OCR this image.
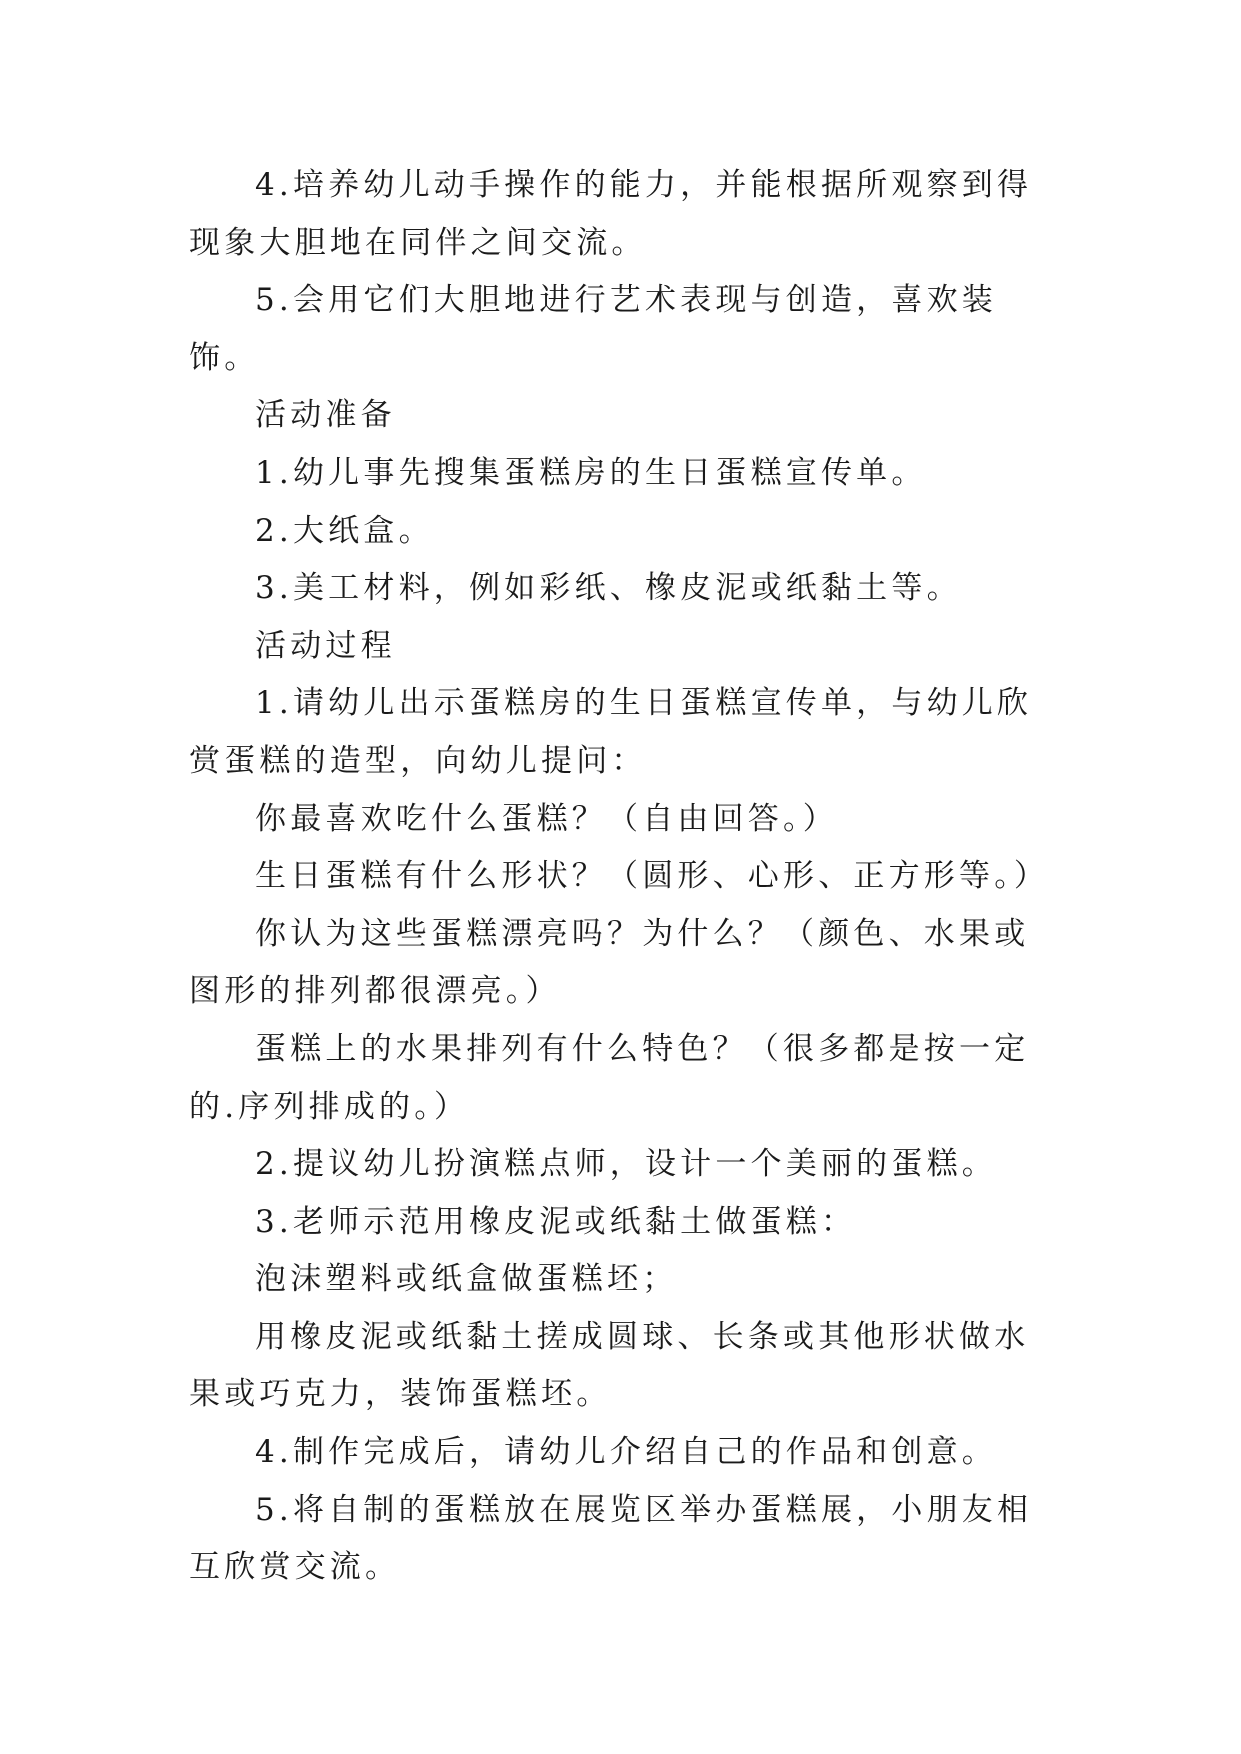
4.培养幼儿动手操作的能力，并能根据所观察到得现象大胆地在同伴之间交流。

5.会用它们大胆地进行艺术表现与创造，喜欢装饰。

活动准备

1.幼儿事先搜集蛋糕房的生日蛋糕宣传单。

2.大纸盒。

3.美工材料，例如彩纸、橡皮泥或纸黏土等。

活动过程

1.请幼儿出示蛋糕房的生日蛋糕宣传单，与幼儿欣赏蛋糕的造型，向幼儿提问：

你最喜欢吃什么蛋糕？（自由回答。）

生日蛋糕有什么形状？（圆形、心形、正方形等。）

你认为这些蛋糕漂亮吗？为什么？（颜色、水果或图形的排列都很漂亮。）

蛋糕上的水果排列有什么特色？（很多都是按一定的.序列排成的。）

2.提议幼儿扮演糕点师，设计一个美丽的蛋糕。

3.老师示范用橡皮泥或纸黏土做蛋糕：

泡沫塑料或纸盒做蛋糕坯；

用橡皮泥或纸黏土搓成圆球、长条或其他形状做水果或巧克力，装饰蛋糕坯。

4.制作完成后，请幼儿介绍自己的作品和创意。

5.将自制的蛋糕放在展览区举办蛋糕展，小朋友相互欣赏交流。
